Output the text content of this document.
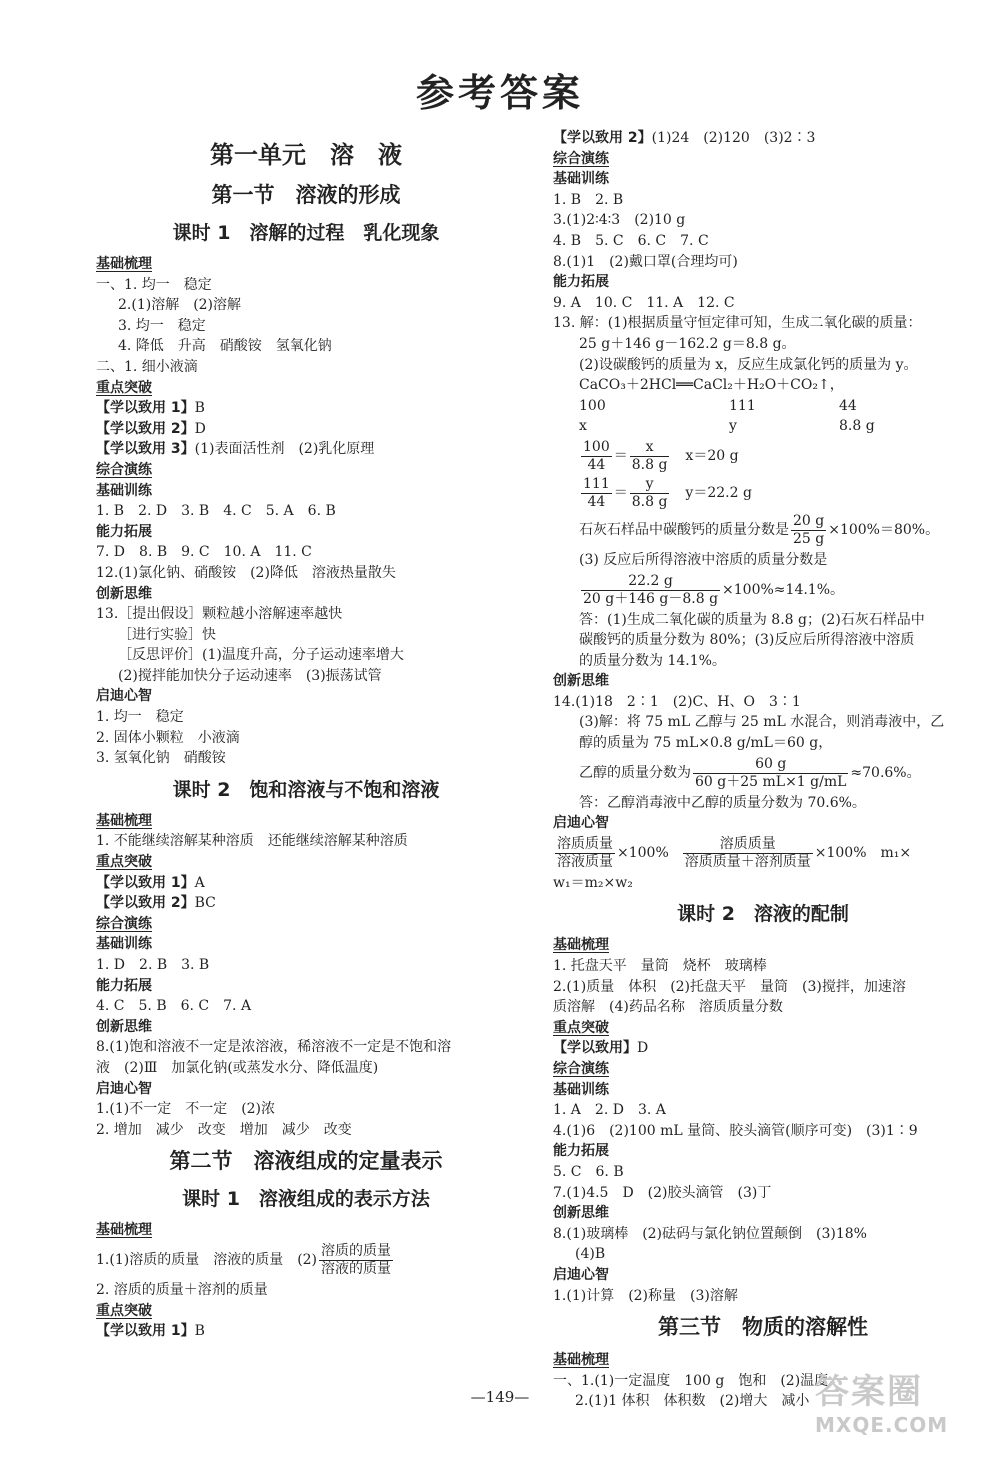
参考答案
第一单元　溶　液
第一节　溶液的形成
课时 1　溶解的过程　乳化现象
基础梳理
一、1. 均一　稳定
2.(1)溶解　(2)溶解
3. 均一　稳定
4. 降低　升高　硝酸铵　氢氧化钠
二、1. 细小液滴
重点突破
【学以致用 1】B
【学以致用 2】D
【学以致用 3】(1)表面活性剂　(2)乳化原理
综合演练
基础训练
1. B　2. D　3. B　4. C　5. A　6. B
能力拓展
7. D　8. B　9. C　10. A　11. C
12.(1)氯化钠、硝酸铵　(2)降低　溶液热量散失
创新思维
13.［提出假设］颗粒越小溶解速率越快
［进行实验］快
［反思评价］(1)温度升高，分子运动速率增大
(2)搅拌能加快分子运动速率　(3)振荡试管
启迪心智
1. 均一　稳定
2. 固体小颗粒　小液滴
3. 氢氧化钠　硝酸铵
课时 2　饱和溶液与不饱和溶液
基础梳理
1. 不能继续溶解某种溶质　还能继续溶解某种溶质
重点突破
【学以致用 1】A
【学以致用 2】BC
综合演练
基础训练
1. D　2. B　3. B
能力拓展
4. C　5. B　6. C　7. A
创新思维
8.(1)饱和溶液不一定是浓溶液，稀溶液不一定是不饱和溶
液　(2)Ⅲ　加氯化钠(或蒸发水分、降低温度)
启迪心智
1.(1)不一定　不一定　(2)浓
2. 增加　减少　改变　增加　减少　改变
第二节　溶液组成的定量表示
课时 1　溶液组成的表示方法
基础梳理
1.(1)溶质的质量　溶液的质量　$(2) \frac{\text{溶质的质量}}{\text{溶液的质量}}$
2. 溶质的质量＋溶剂的质量
重点突破
【学以致用 1】B
【学以致用 2】(1)24　(2)120　(3)2∶3
综合演练
基础训练
1. B　2. B
3.(1)2∶4∶3　(2)10 g
4. B　5. C　6. C　7. C
8.(1)1　(2)戴口罩(合理均可)
能力拓展
9. A　10. C　11. A　12. C
13. 解：(1)根据质量守恒定律可知，生成二氧化碳的质量：
25 g＋146 g－162.2 g＝8.8 g。
(2)设碳酸钙的质量为 x，反应生成氯化钙的质量为 y。
CaCO₃＋2HCl══CaCl₂＋H₂O＋CO₂↑，
100	111	44
x	y	8.8 g
$\frac{100}{44} = \frac{x}{8.8 g} x=20$ g
$\frac{111}{44} = \frac{y}{8.8 g} y=22.2$ g
石灰石样品中碳酸钙的质量分数是 $\frac{20 g}{25 g} \times 100\%=80\%$。
(3) 反应后所得溶液中溶质的质量分数是
$\frac{22.2 g}{20 g+146 g-8.8 g} \times 100\%\approx 14.1\%$。
答：(1)生成二氧化碳的质量为 8.8 g；(2)石灰石样品中
碳酸钙的质量分数为 80%；(3)反应后所得溶液中溶质
的质量分数为 14.1%。
创新思维
14.(1)18　2∶1　(2)C、H、O　3∶1
(3)解：将 75 mL 乙醇与 25 mL 水混合，则消毒液中，乙
醇的质量为 75 mL×0.8 g/mL＝60 g，
乙醇的质量分数为 $\frac{60 g}{60 g+25 mL\times 1 g/mL} \approx 70.6\%$。
答：乙醇消毒液中乙醇的质量分数为 70.6%。
启迪心智
$\frac{\text{溶质质量}}{\text{溶液质量}} \times 100\% \frac{\text{溶质质量}}{\text{溶质质量＋溶剂质量}} \times 100\%$　m₁×
w₁＝m₂×w₂
课时 2　溶液的配制
基础梳理
1. 托盘天平　量筒　烧杯　玻璃棒
2.(1)质量　体积　(2)托盘天平　量筒　(3)搅拌，加速溶
质溶解　(4)药品名称　溶质质量分数
重点突破
【学以致用】D
综合演练
基础训练
1. A　2. D　3. A
4.(1)6　(2)100 mL 量筒、胶头滴管(顺序可变)　(3)1∶9
能力拓展
5. C　6. B
7.(1)4.5　D　(2)胶头滴管　(3)丁
创新思维
8.(1)玻璃棒　(2)砝码与氯化钠位置颠倒　(3)18%
(4)B
启迪心智
1.(1)计算　(2)称量　(3)溶解
第三节　物质的溶解性
基础梳理
一、1.(1)一定温度　100 g　饱和　(2)温度
2.(1)1 体积　体积数　(2)增大　减小
—149—	答案圈
MXQE.COM
